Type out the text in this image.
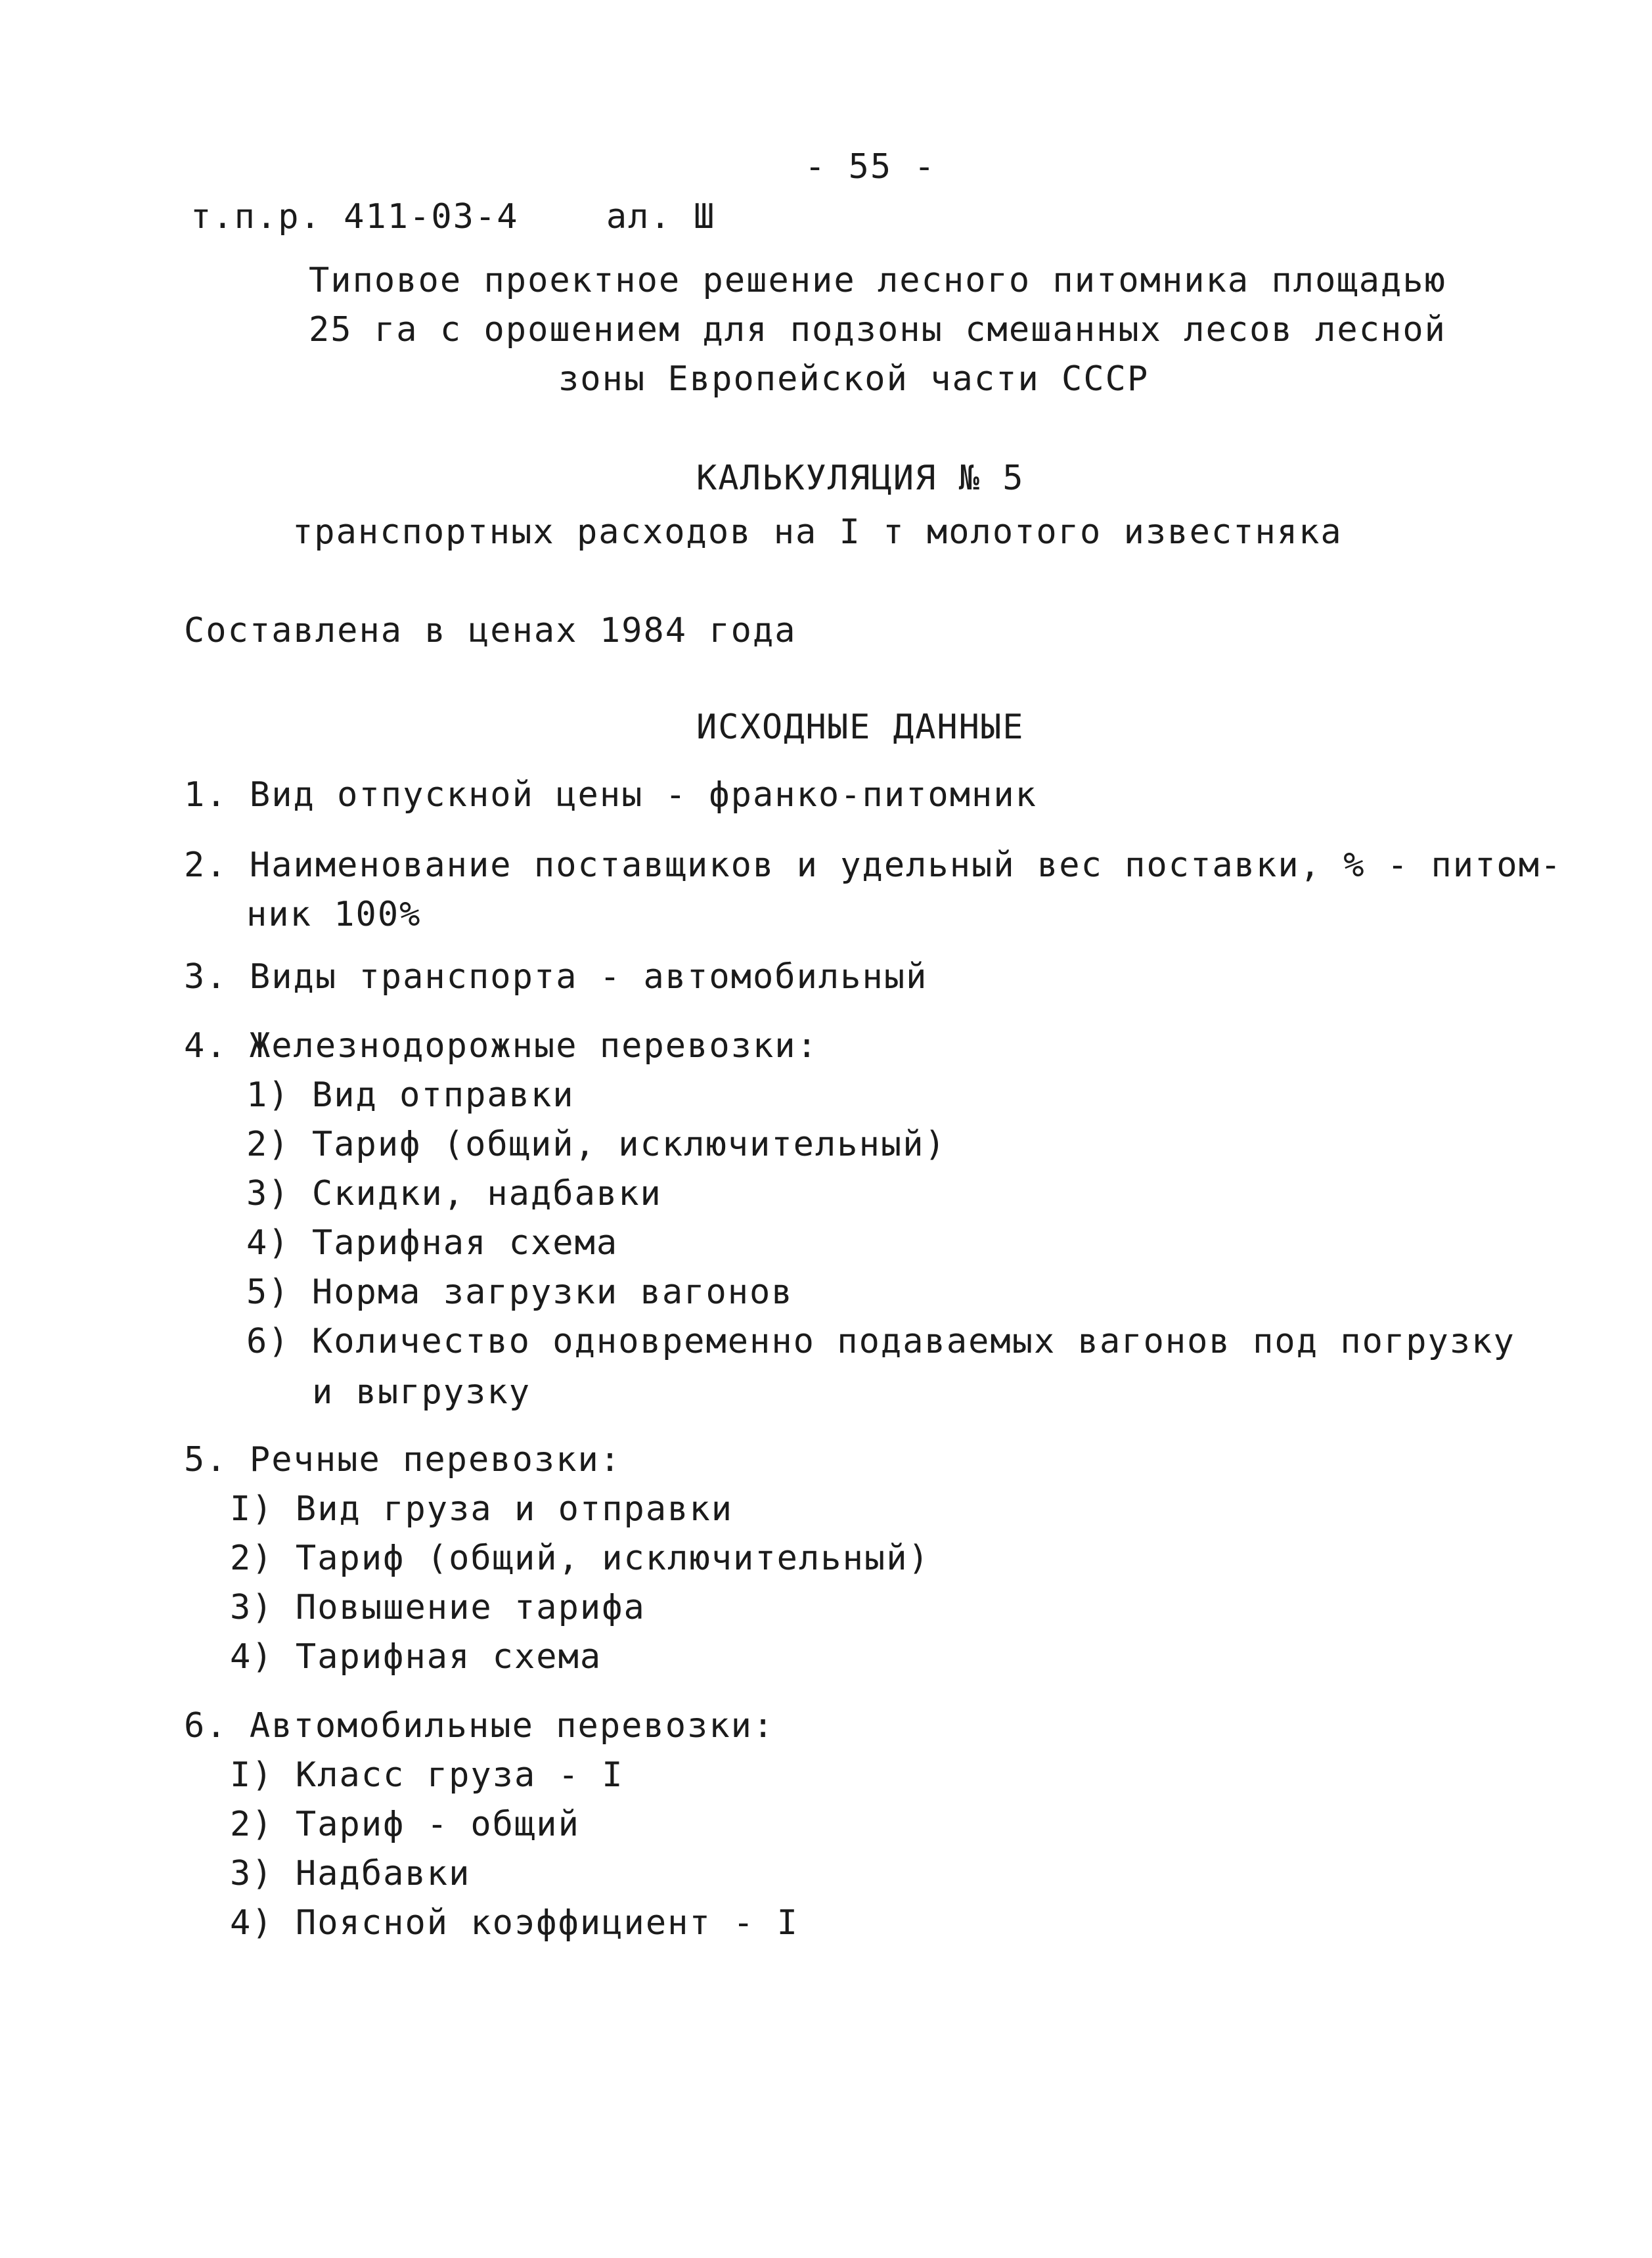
- 55 -
т.п.р. 411-03-4    ал. Ш
Типовое проектное решение лесного питомника площадью
25 га с орошением для подзоны смешанных лесов лесной
зоны Европейской части СССР
КАЛЬКУЛЯЦИЯ № 5
транспортных расходов на I т молотого известняка
Составлена в ценах 1984 года
ИСХОДНЫЕ ДАННЫЕ
1. Вид отпускной цены - франко-питомник
2. Наименование поставщиков и удельный вес поставки, % - питом-
ник 100%
3. Виды транспорта - автомобильный
4. Железнодорожные перевозки:
1) Вид отправки
2) Тариф (общий, исключительный)
3) Скидки, надбавки
4) Тарифная схема
5) Норма загрузки вагонов
6) Количество одновременно подаваемых вагонов под погрузку
и выгрузку
5. Речные перевозки:
I) Вид груза и отправки
2) Тариф (общий, исключительный)
3) Повышение тарифа
4) Тарифная схема
6. Автомобильные перевозки:
I) Класс груза - I
2) Тариф - общий
3) Надбавки
4) Поясной коэффициент - I
